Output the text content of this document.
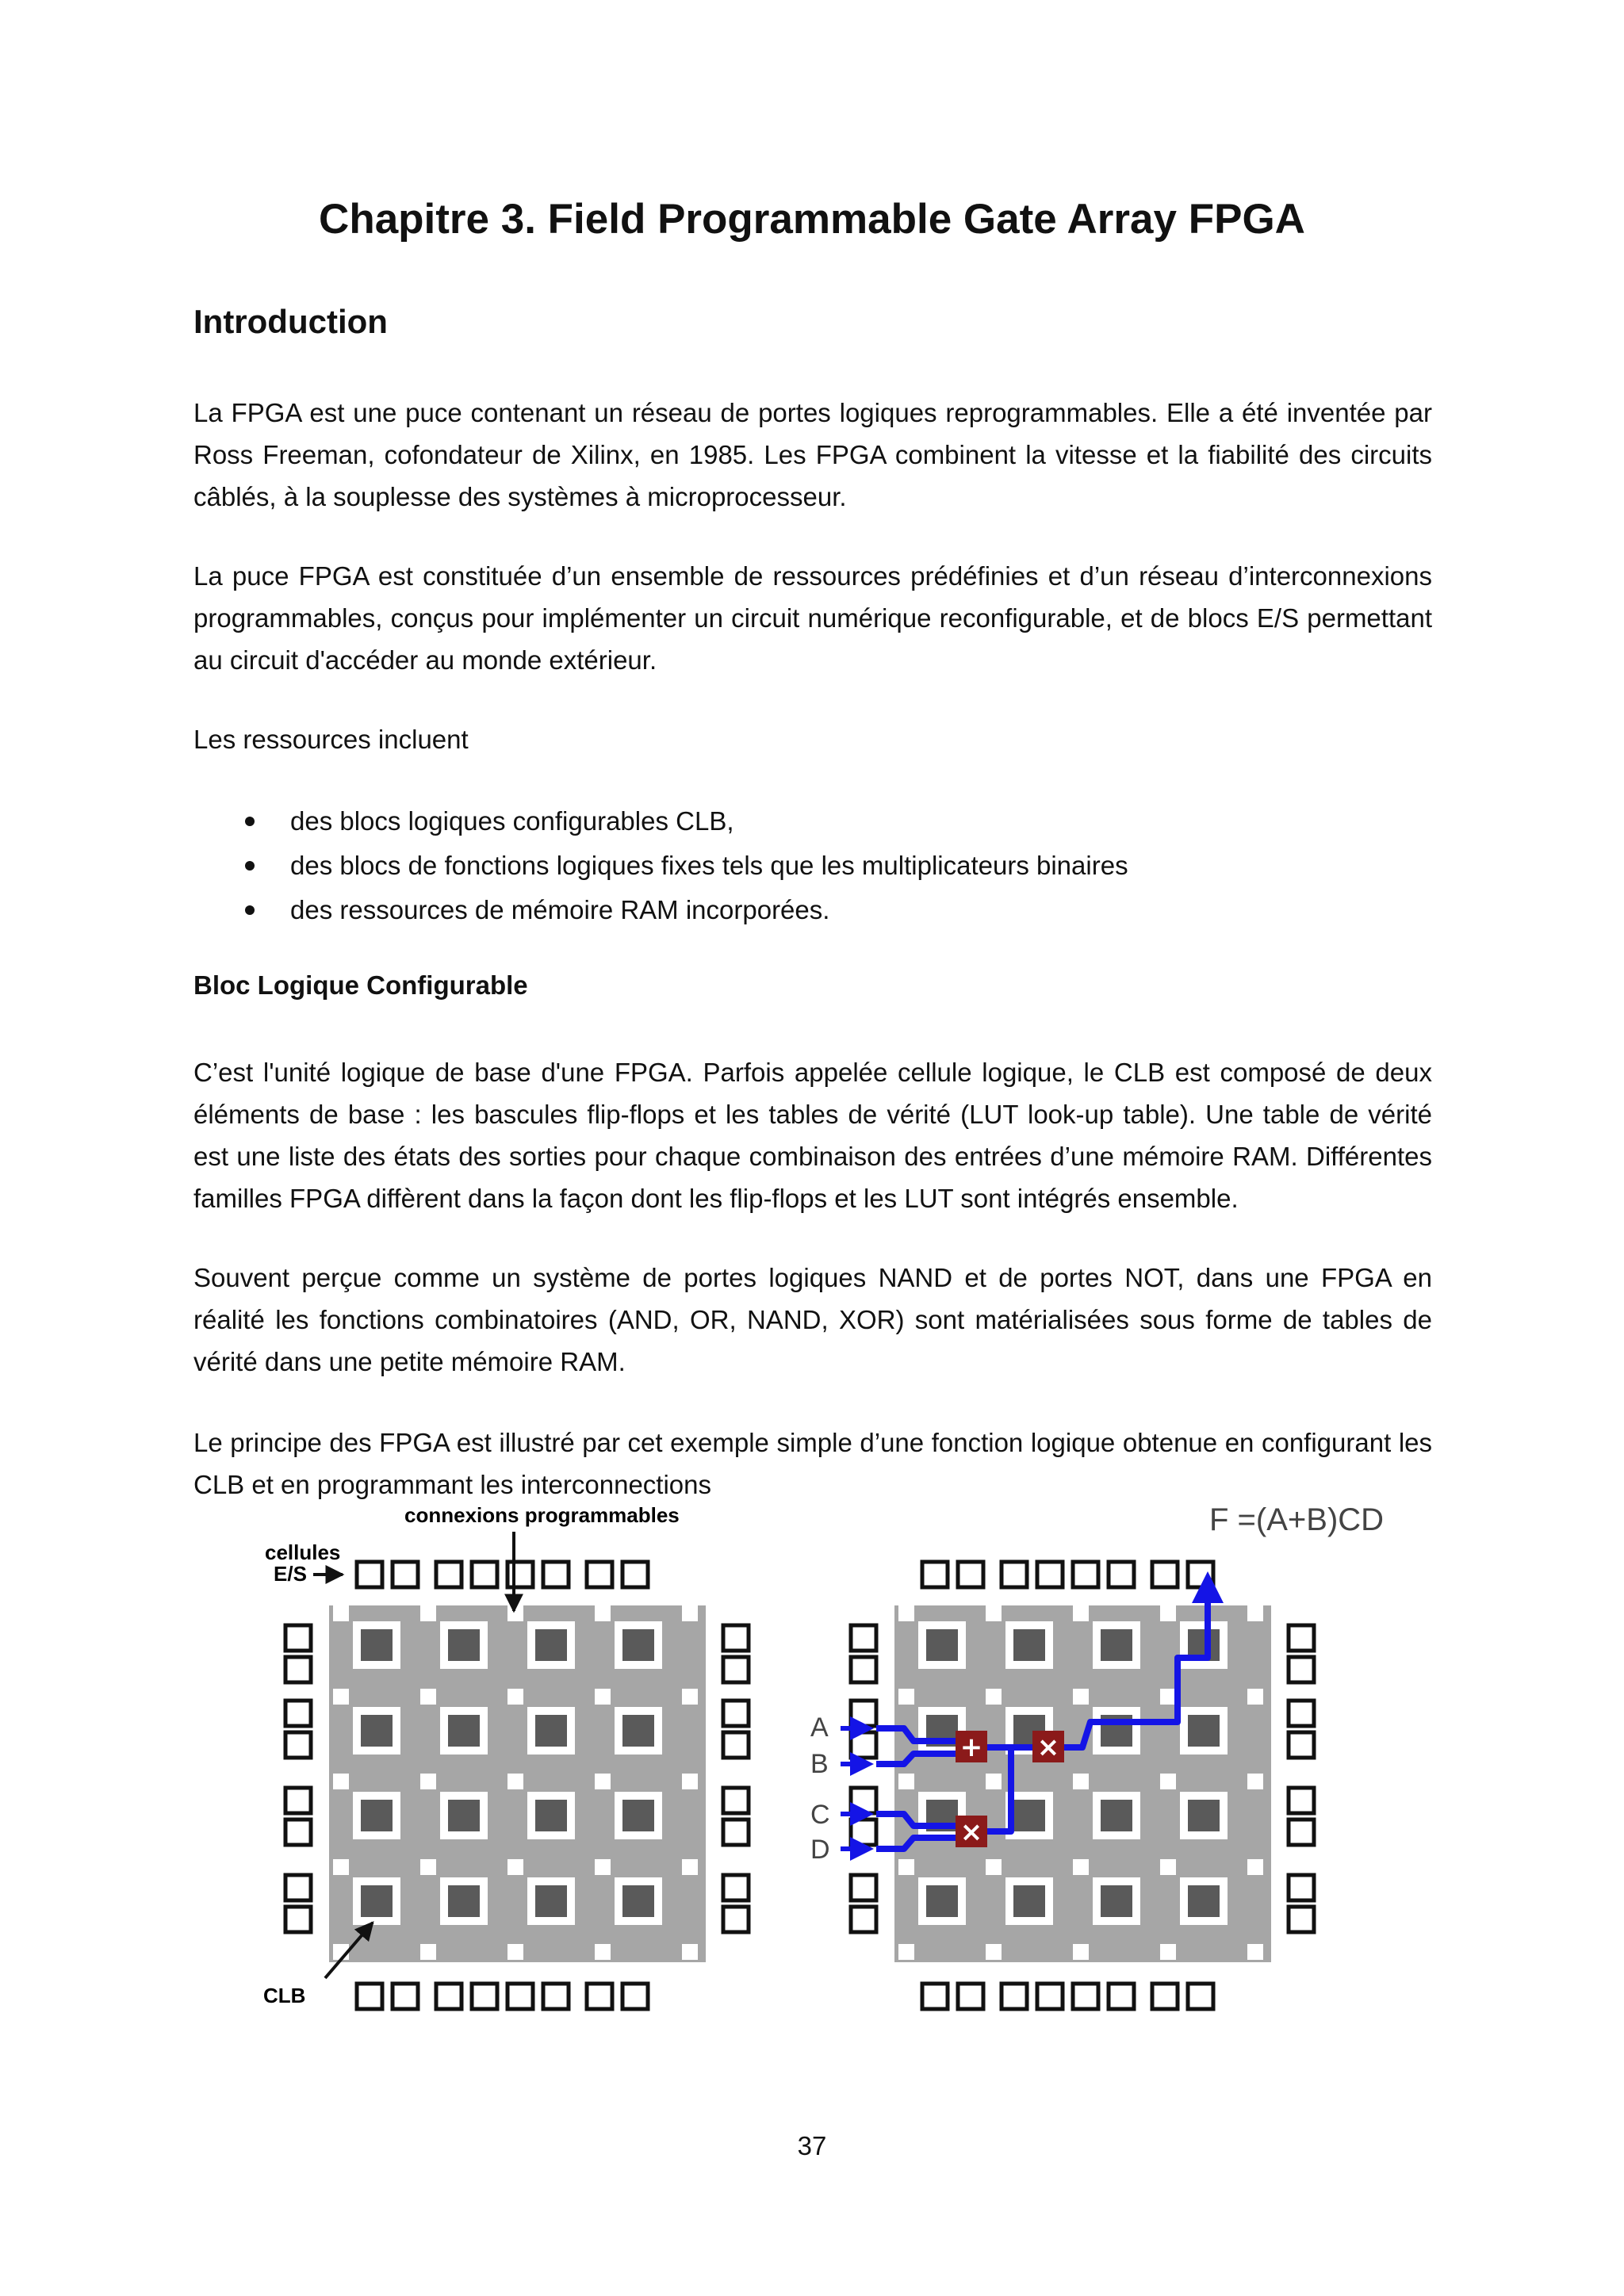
Chapitre 3. Field Programmable Gate Array FPGA
Introduction

La FPGA est une puce contenant un réseau de portes logiques reprogrammables. Elle a été inventée par Ross Freeman, cofondateur de Xilinx, en 1985. Les FPGA combinent la vitesse et la fiabilité des circuits câblés, à la souplesse des systèmes à microprocesseur.

La puce FPGA est constituée d’un ensemble de ressources prédéfinies et d’un réseau d’interconnexions programmables, conçus pour implémenter un circuit numérique reconfigurable, et de blocs E/S permettant au circuit d'accéder au monde extérieur.

Les ressources incluent

des blocs logiques configurables CLB,
des blocs de fonctions logiques fixes tels que les multiplicateurs binaires
des ressources de mémoire RAM incorporées.
Bloc Logique Configurable

C’est l'unité logique de base d'une FPGA. Parfois appelée cellule logique, le CLB est composé de deux éléments de base : les bascules flip-flops et les tables de vérité (LUT look-up table). Une table de vérité est une liste des états des sorties pour chaque combinaison des entrées d’une mémoire RAM. Différentes familles FPGA diffèrent dans la façon dont les flip-flops et les LUT sont intégrés ensemble.

Souvent perçue comme un système de portes logiques NAND et de portes NOT, dans une FPGA en réalité les fonctions combinatoires (AND, OR, NAND, XOR) sont matérialisées sous forme de tables de vérité dans une petite mémoire RAM.

Le principe des FPGA est illustré par cet exemple simple d’une fonction logique obtenue en configurant les CLB et en programmant les interconnections

cellules
E/S
connexions programmables
CLB
F =(A+B)CD
A
B
C
D
+ ×
×

37
